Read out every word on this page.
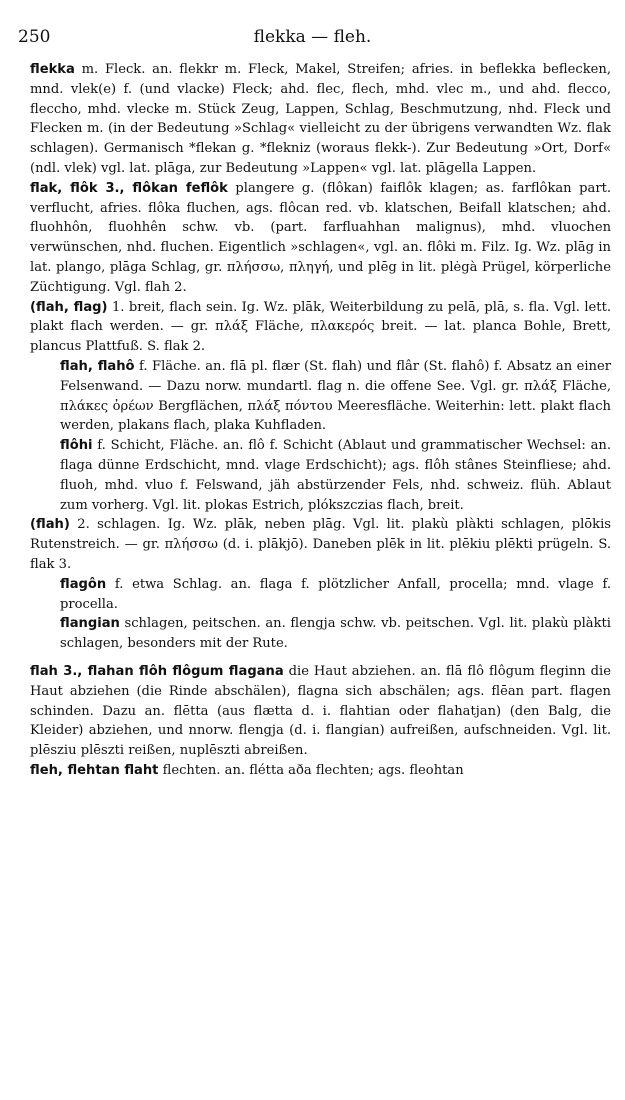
250	flekka — fleh.

flekka m. Fleck. an. flekkr m. Fleck, Makel, Streifen; afries. in beflekka beflecken, mnd. vlek(e) f. (und vlacke) Fleck; ahd. flec, flech, mhd. vlec m., und ahd. flecco, fleccho, mhd. vlecke m. Stück Zeug, Lappen, Schlag, Beschmutzung, nhd. Fleck und Flecken m. (in der Bedeutung »Schlag« vielleicht zu der übrigens verwandten Wz. flak schlagen). Germanisch *flekan g. *flekniz (woraus flekk-). Zur Bedeutung »Ort, Dorf« (ndl. vlek) vgl. lat. plāga, zur Bedeutung »Lappen« vgl. lat. plāgella Lappen.

flak, flôk 3., flôkan feflôk plangere g. (flôkan) faiflôk klagen; as. farflôkan part. verflucht, afries. flôka fluchen, ags. flôcan red. vb. klatschen, Beifall klatschen; ahd. fluohhôn, fluohhên schw. vb. (part. farfluahhan malignus), mhd. vluochen verwünschen, nhd. fluchen. Eigentlich »schlagen«, vgl. an. flôki m. Filz. Ig. Wz. plāg in lat. plango, plāga Schlag, gr. πλήσσω, πληγή, und plēg in lit. plėgà Prügel, körperliche Züchtigung. Vgl. flah 2.

(flah, flag) 1. breit, flach sein. Ig. Wz. plāk, Weiterbildung zu pelā, plā, s. fla. Vgl. lett. plakt flach werden. — gr. πλάξ Fläche, πλακερός breit. — lat. planca Bohle, Brett, plancus Plattfuß. S. flak 2.

flah, flahô f. Fläche. an. flā pl. flær (St. flah) und flâr (St. flahô) f. Absatz an einer Felsenwand. — Dazu norw. mundartl. flag n. die offene See. Vgl. gr. πλάξ Fläche, πλάκες ὀρέων Bergflächen, πλάξ πόντου Meeresfläche. Weiterhin: lett. plakt flach werden, plakans flach, plaka Kuhfladen.

flôhi f. Schicht, Fläche. an. flô f. Schicht (Ablaut und grammatischer Wechsel: an. flaga dünne Erdschicht, mnd. vlage Erdschicht); ags. flôh stânes Steinfliese; ahd. fluoh, mhd. vluo f. Felswand, jäh abstürzender Fels, nhd. schweiz. flüh. Ablaut zum vorherg. Vgl. lit. plokas Estrich, plókszczias flach, breit.

(flah) 2. schlagen. Ig. Wz. plāk, neben plāg. Vgl. lit. plakù plàkti schlagen, plōkis Rutenstreich. — gr. πλήσσω (d. i. plākjō). Daneben plēk in lit. plēkiu plēkti prügeln. S. flak 3.

flagôn f. etwa Schlag. an. flaga f. plötzlicher Anfall, procella; mnd. vlage f. procella.

flangian schlagen, peitschen. an. flengja schw. vb. peitschen. Vgl. lit. plakù plàkti schlagen, besonders mit der Rute.

flah 3., flahan flôh flôgum flagana die Haut abziehen. an. flā flô flôgum fleginn die Haut abziehen (die Rinde abschälen), flagna sich abschälen; ags. flēan part. flagen schinden. Dazu an. flētta (aus flætta d. i. flahtian oder flahatjan) (den Balg, die Kleider) abziehen, und nnorw. flengja (d. i. flangian) aufreißen, aufschneiden. Vgl. lit. plēsziu plēszti reißen, nuplēszti abreißen.

fleh, flehtan flaht flechten. an. flétta aða flechten; ags. fleohtan
